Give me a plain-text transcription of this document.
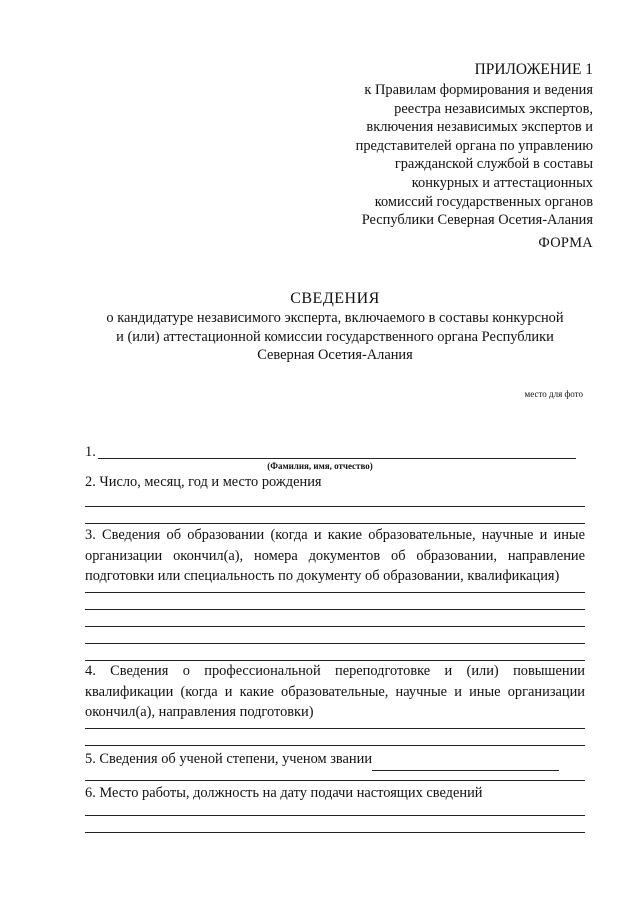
ПРИЛОЖЕНИЕ 1
к Правилам формирования и ведения
реестра независимых экспертов,
включения независимых экспертов и
представителей органа по управлению
гражданской службой в составы
конкурных и аттестационных
комиссий государственных органов
Республики Северная Осетия-Алания
ФОРМА
СВЕДЕНИЯ
о кандидатуре независимого эксперта, включаемого в составы конкурсной
и (или) аттестационной комиссии государственного органа Республики
Северная Осетия-Алания
место для фото
1.
(Фамилия, имя, отчество)
2. Число, месяц, год и место рождения
3. Сведения об образовании (когда и какие образовательные, научные и иные организации окончил(а), номера документов об образовании, направление подготовки или специальность по документу об образовании, квалификация)
4. Сведения о профессиональной переподготовке и (или) повышении квалификации (когда и какие образовательные, научные и иные организации окончил(а), направления подготовки)
5. Сведения об ученой степени, ученом звании
6. Место работы, должность на дату подачи настоящих сведений
